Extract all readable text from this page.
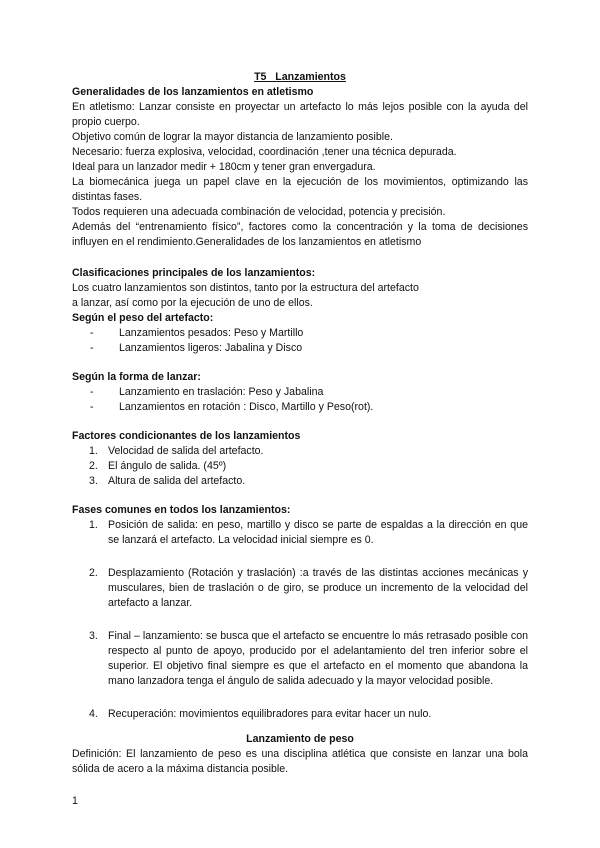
T5_ Lanzamientos
Generalidades de los lanzamientos en atletismo

En atletismo: Lanzar consiste en proyectar un artefacto lo más lejos posible con la ayuda del propio cuerpo.

Objetivo común de lograr la mayor distancia de lanzamiento posible.

Necesario: fuerza explosiva, velocidad, coordinación ,tener una técnica depurada.

Ideal para un lanzador medir + 180cm y tener gran envergadura.

La biomecánica juega un papel clave en la ejecución de los movimientos, optimizando las distintas fases.

Todos requieren una adecuada combinación de velocidad, potencia y precisión.

Además del “entrenamiento físico”, factores como la concentración y la toma de decisiones influyen en el rendimiento.Generalidades de los lanzamientos en atletismo

Clasificaciones principales de los lanzamientos:

Los cuatro lanzamientos son distintos, tanto por la estructura del artefacto

a lanzar, así como por la ejecución de uno de ellos.

Según el peso del artefacto:
- Lanzamientos pesados: Peso y Martillo
- Lanzamientos ligeros: Jabalina y Disco
Según la forma de lanzar:
- Lanzamiento en traslación: Peso y Jabalina
- Lanzamientos en rotación : Disco, Martillo y Peso(rot).
Factores condicionantes de los lanzamientos
1. Velocidad de salida del artefacto.
2. El ángulo de salida. (45º)
3. Altura de salida del artefacto.
Fases comunes en todos los lanzamientos:
1. Posición de salida: en peso, martillo y disco se parte de espaldas a la dirección en que se lanzará el artefacto. La velocidad inicial siempre es 0.
2. Desplazamiento (Rotación y traslación) :a través de las distintas acciones mecánicas y musculares, bien de traslación o de giro, se produce un incremento de la velocidad del artefacto a lanzar.
3. Final – lanzamiento: se busca que el artefacto se encuentre lo más retrasado posible con respecto al punto de apoyo, producido por el adelantamiento del tren inferior sobre el superior. El objetivo final siempre es que el artefacto en el momento que abandona la mano lanzadora tenga el ángulo de salida adecuado y la mayor velocidad posible.
4. Recuperación: movimientos equilibradores para evitar hacer un nulo.
Lanzamiento de peso

Definición: El lanzamiento de peso es una disciplina atlética que consiste en lanzar una bola sólida de acero a la máxima distancia posible.

1
